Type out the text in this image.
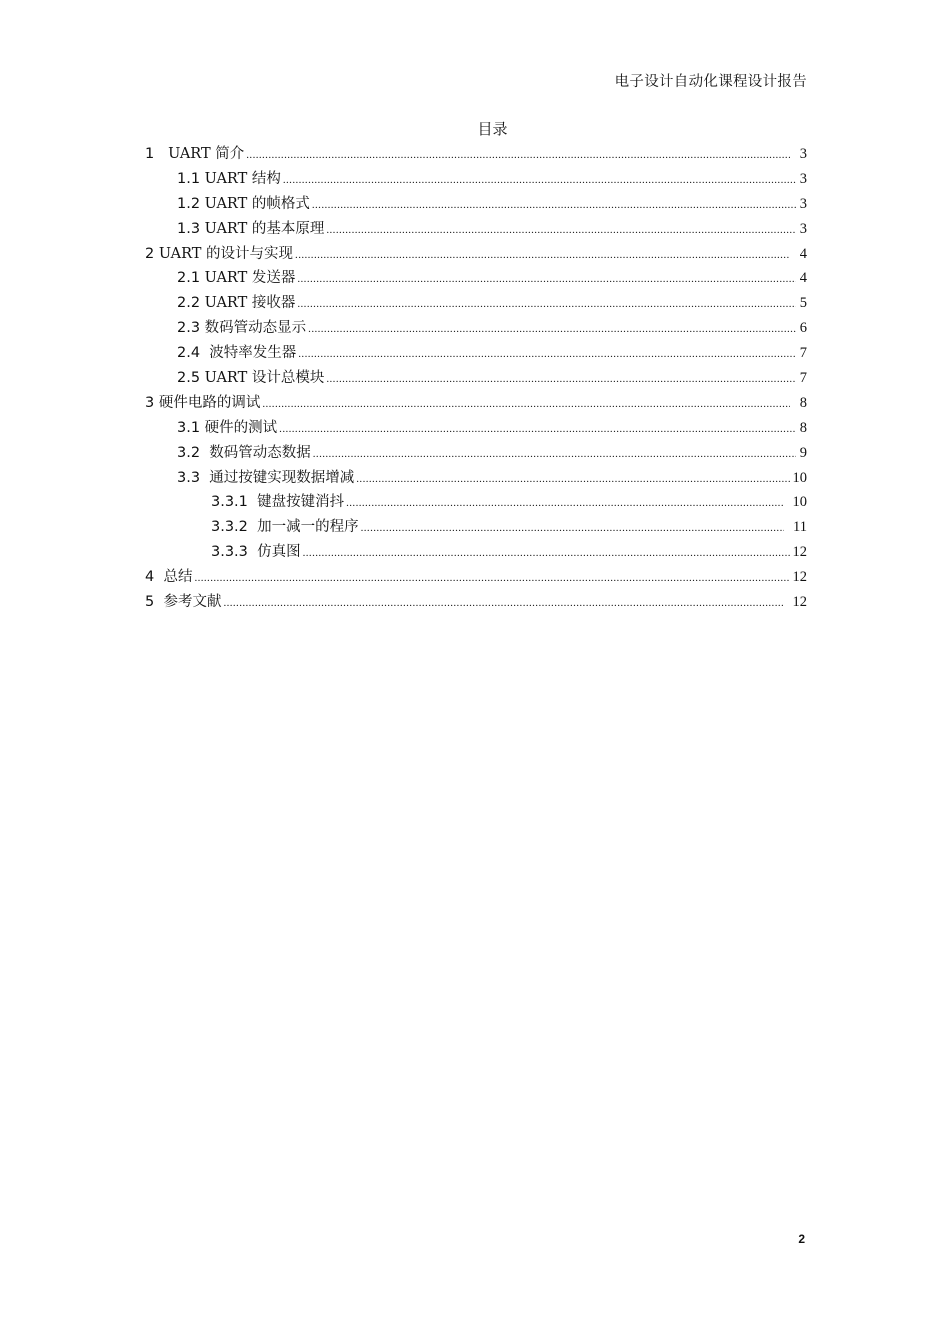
电子设计自动化课程设计报告
目录
1   UART 简介 .....	3
1.1 UART 结构 .....	3
1.2 UART 的帧格式 .....	3
1.3 UART 的基本原理 .....	3
2 UART 的设计与实现 .....	4
2.1 UART 发送器 .....	4
2.2 UART 接收器 .....	5
2.3 数码管动态显示 .....	6
2.4  波特率发生器 .....	7
2.5 UART 设计总模块 .....	7
3 硬件电路的调试 .....	8
3.1 硬件的测试 .....	8
3.2  数码管动态数据 .....	9
3.3  通过按键实现数据增减 .....	10
3.3.1  键盘按键消抖 .....	10
3.3.2  加一减一的程序 .....	11
3.3.3  仿真图 .....	12
4  总结 .....	12
5  参考文献 .....	12
2
